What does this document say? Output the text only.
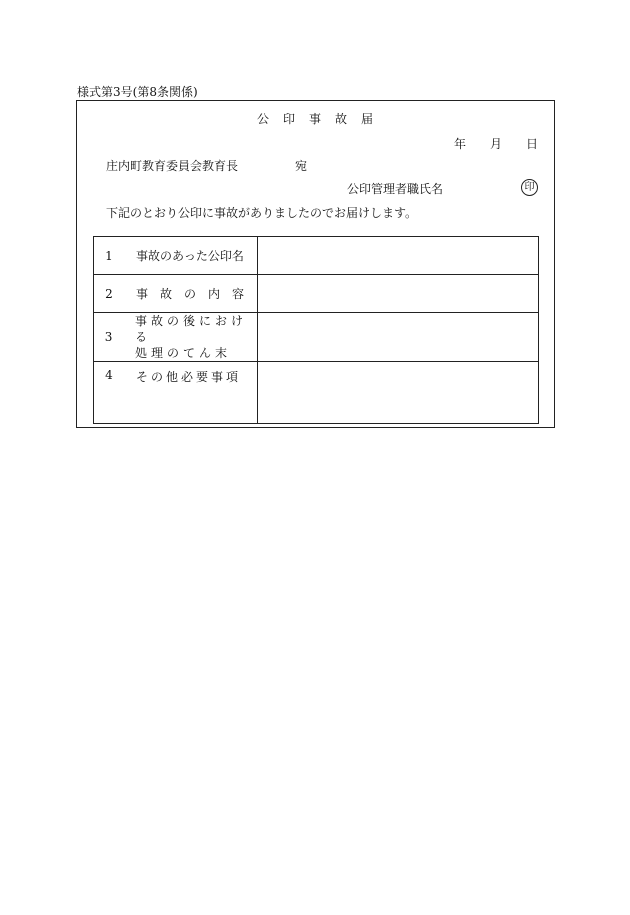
様式第3号(第8条関係)
公印事故届
年 月 日
庄内町教育委員会教育長	宛
公印管理者職氏名	印
下記のとおり公印に事故がありましたのでお届けします。
1 事故のあった公印名	

2 事故の内容	

3
事故の後における
処理のてん末	

4 その他必要事項	
